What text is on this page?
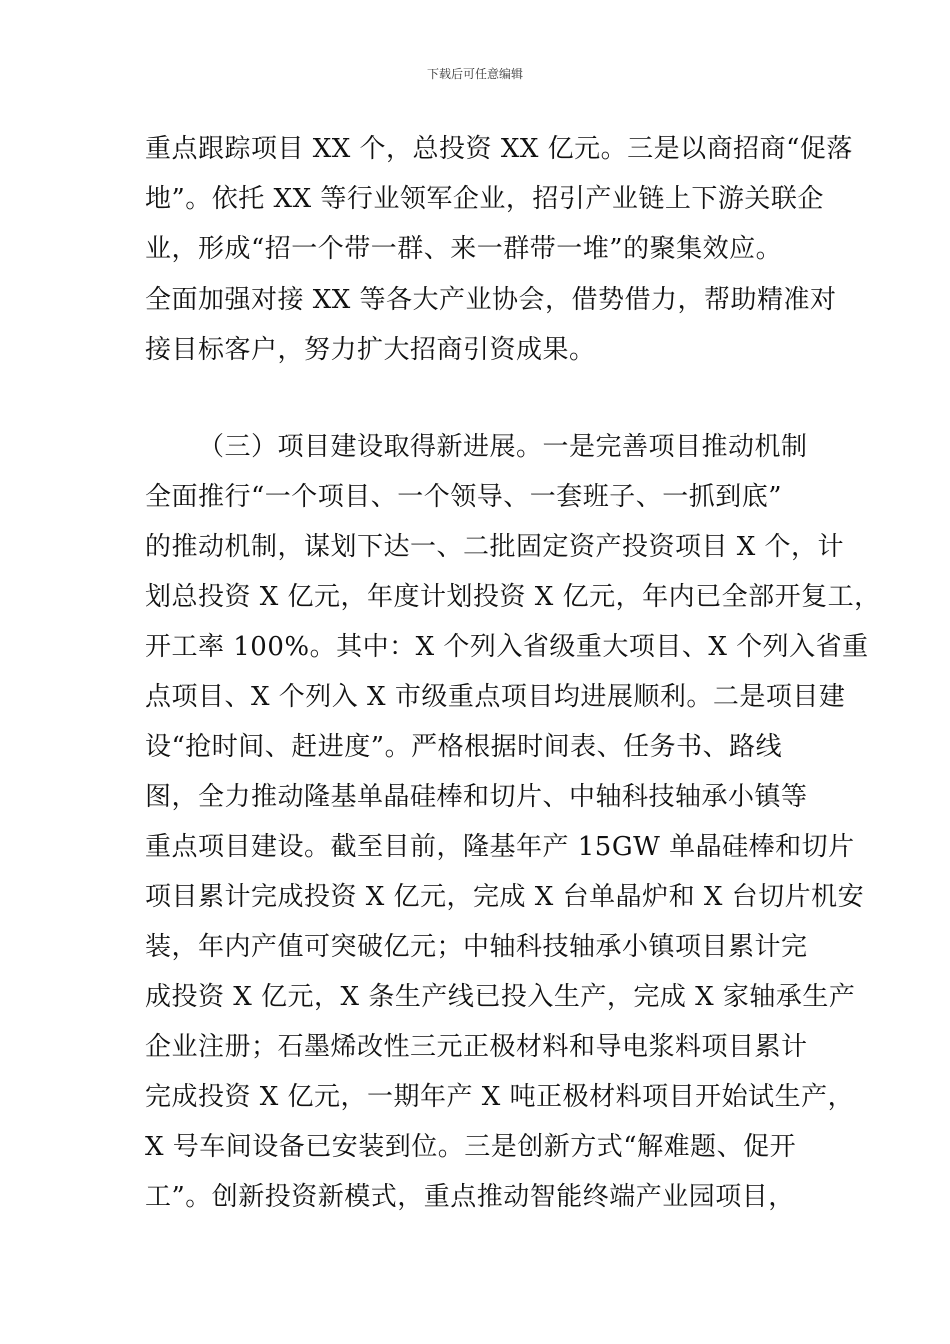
下载后可任意编辑
重点跟踪项目 XX 个，总投资 XX 亿元。三是以商招商“促落
地”。依托 XX 等行业领军企业，招引产业链上下游关联企
业，形成“招一个带一群、来一群带一堆”的聚集效应。
全面加强对接 XX 等各大产业协会，借势借力，帮助精准对
接目标客户，努力扩大招商引资成果。
（三）项目建设取得新进展。一是完善项目推动机制
全面推行“一个项目、一个领导、一套班子、一抓到底”
的推动机制，谋划下达一、二批固定资产投资项目 X 个，计
划总投资 X 亿元，年度计划投资 X 亿元，年内已全部开复工，
开工率 100%。其中：X 个列入省级重大项目、X 个列入省重
点项目、X 个列入 X 市级重点项目均进展顺利。二是项目建
设“抢时间、赶进度”。严格根据时间表、任务书、路线
图，全力推动隆基单晶硅棒和切片、中轴科技轴承小镇等
重点项目建设。截至目前，隆基年产 15GW 单晶硅棒和切片
项目累计完成投资 X 亿元，完成 X 台单晶炉和 X 台切片机安
装，年内产值可突破亿元；中轴科技轴承小镇项目累计完
成投资 X 亿元，X 条生产线已投入生产，完成 X 家轴承生产
企业注册；石墨烯改性三元正极材料和导电浆料项目累计
完成投资 X 亿元，一期年产 X 吨正极材料项目开始试生产，
X 号车间设备已安装到位。三是创新方式“解难题、促开
工”。创新投资新模式，重点推动智能终端产业园项目，
